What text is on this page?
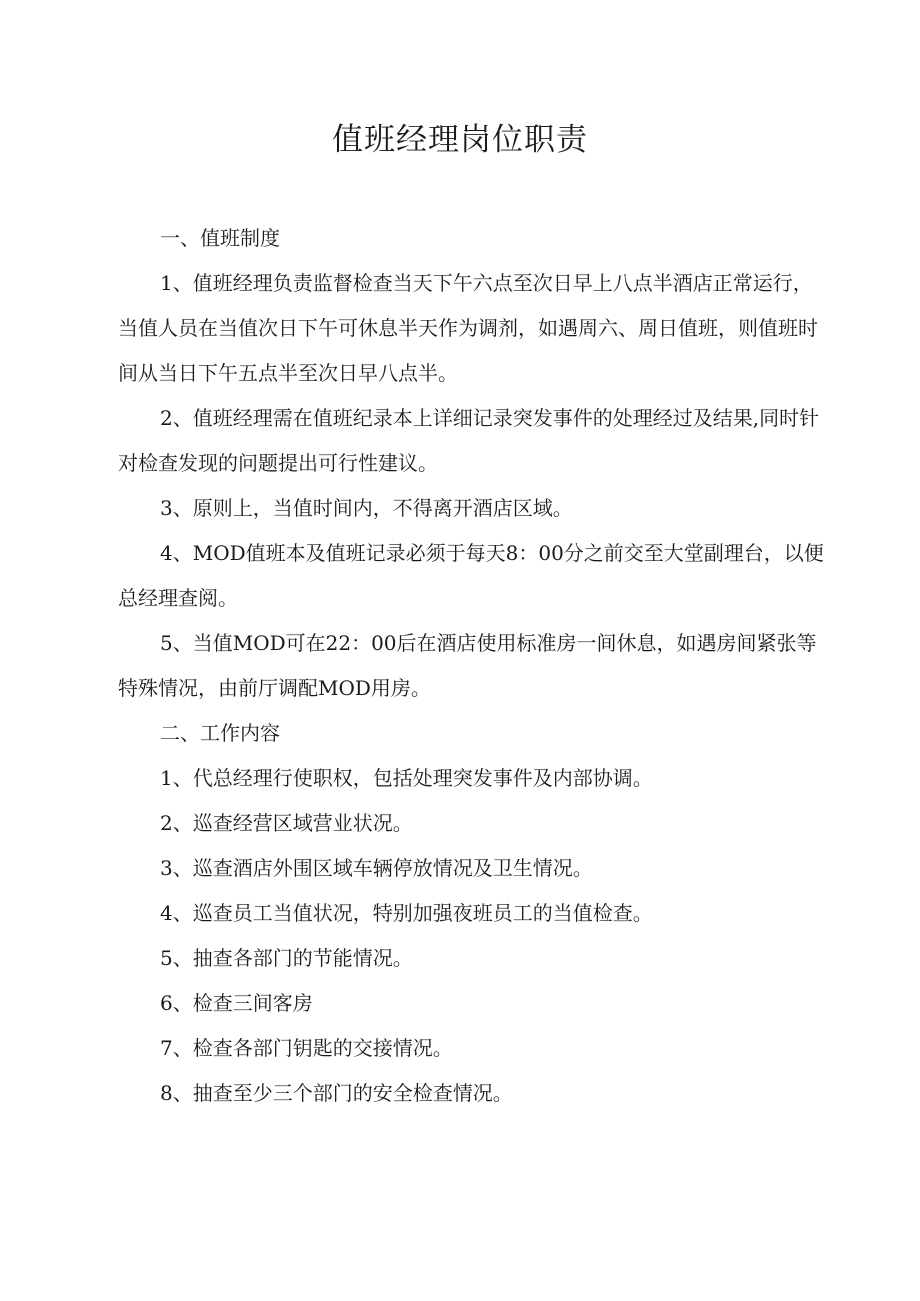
值班经理岗位职责

一、值班制度

1、值班经理负责监督检查当天下午六点至次日早上八点半酒店正常运行，当值人员在当值次日下午可休息半天作为调剂，如遇周六、周日值班，则值班时间从当日下午五点半至次日早八点半。

2、值班经理需在值班纪录本上详细记录突发事件的处理经过及结果,同时针对检查发现的问题提出可行性建议。

3、原则上，当值时间内，不得离开酒店区域。

4、MOD值班本及值班记录必须于每天8：00分之前交至大堂副理台，以便总经理查阅。

5、当值MOD可在22：00后在酒店使用标准房一间休息，如遇房间紧张等特殊情况，由前厅调配MOD用房。

二、工作内容

1、代总经理行使职权，包括处理突发事件及内部协调。

2、巡查经营区域营业状况。

3、巡查酒店外围区域车辆停放情况及卫生情况。

4、巡查员工当值状况，特别加强夜班员工的当值检查。

5、抽查各部门的节能情况。

6、检查三间客房

7、检查各部门钥匙的交接情况。

8、抽查至少三个部门的安全检查情况。
